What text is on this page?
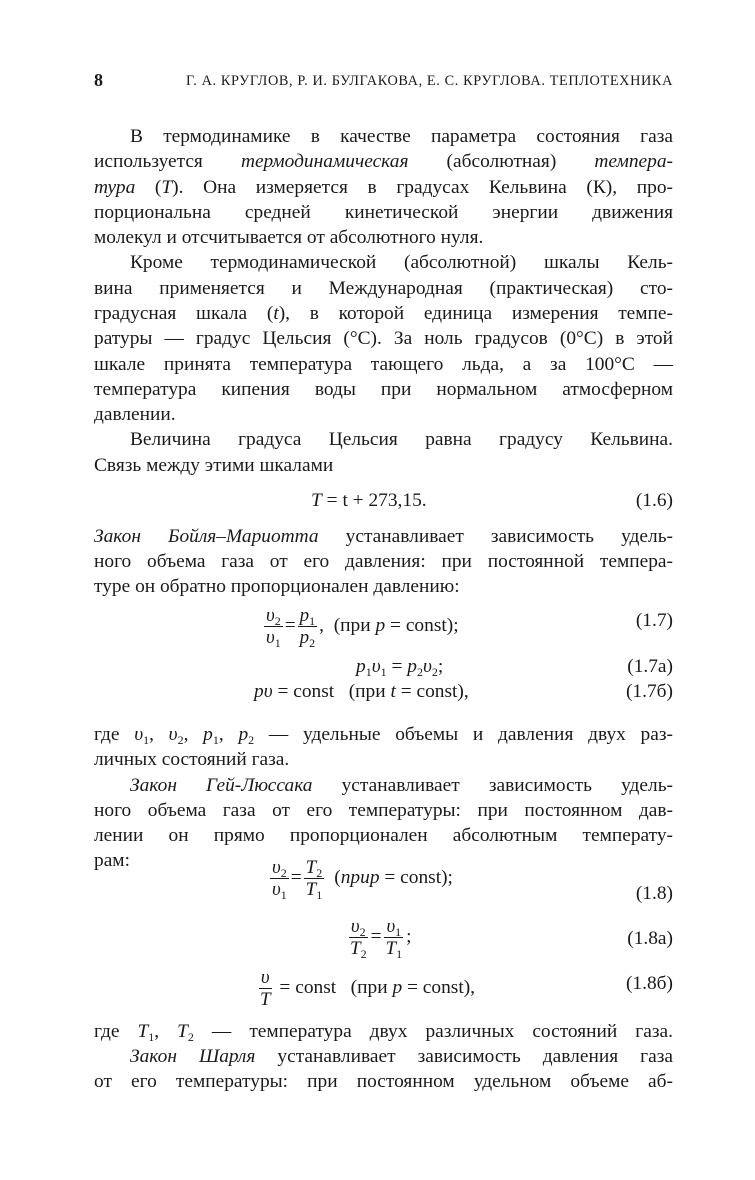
8	Г. А. КРУГЛОВ, Р. И. БУЛГАКОВА, Е. С. КРУГЛОВА. ТЕПЛОТЕХНИКА
В термодинамике в качестве параметра состояния газа
используется термодинамическая (абсолютная) темпера-
тура (T). Она измеряется в градусах Кельвина (К), про-
порциональна средней кинетической энергии движения
молекул и отсчитывается от абсолютного нуля.
Кроме термодинамической (абсолютной) шкалы Кель-
вина применяется и Международная (практическая) сто-
градусная шкала (t), в которой единица измерения темпе-
ратуры — градус Цельсия (°С). За ноль градусов (0°С) в этой
шкале принята температура тающего льда, а за 100°С —
температура кипения воды при нормальном атмосферном
давлении.
Величина градуса Цельсия равна градусу Кельвина.
Связь между этими шкалами
T = t + 273,15.	(1.6)
Закон Бойля–Мариотта устанавливает зависимость удель-
ного объема газа от его давления: при постоянной темпера-
туре он обратно пропорционален давлению:
$\frac{\upsilon_2}{\upsilon_1} = \frac{p_1}{p_2}$ ,  (при p = const);	(1.7)
$p_1\upsilon_1 = p_2\upsilon_2$;	(1.7а)
pυ = const   (при t = const),	(1.7б)
где $\upsilon_1$, $\upsilon_2$, $p_1$, $p_2$ — удельные объемы и давления двух раз-
личных состояний газа.
Закон Гей-Люссака устанавливает зависимость удель-
ного объема газа от его температуры: при постоянном дав-
лении он прямо пропорционален абсолютным температу-
рам:	$\frac{\upsilon_2}{\upsilon_1} = \frac{T_2}{T_1}$ ( при p = const);
(1.8)
$\frac{\upsilon_2}{T_2} = \frac{\upsilon_1}{T_1}$ ;	(1.8а)
$\frac{\upsilon}{T}$ = const   (при p = const),	(1.8б)
где $T_1$, $T_2$ — температура двух различных состояний газа.
Закон Шарля устанавливает зависимость давления газа
от его температуры: при постоянном удельном объеме аб-
